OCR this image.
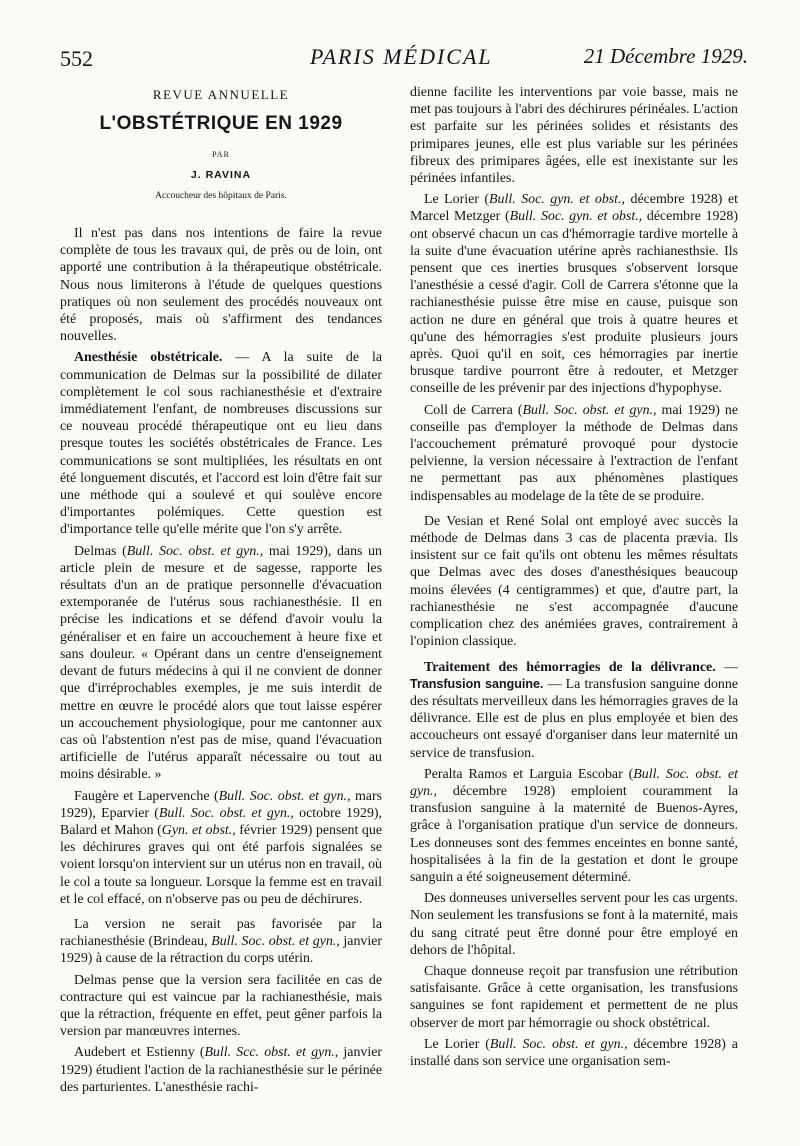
552	PARIS MÉDICAL	21 Décembre 1929.
REVUE ANNUELLE
L'OBSTÉTRIQUE EN 1929
PAR
J. RAVINA
Accoucheur des hôpitaux de Paris.

Il n'est pas dans nos intentions de faire la revue complète de tous les travaux qui, de près ou de loin, ont apporté une contribution à la thérapeutique obstétricale. Nous nous limiterons à l'étude de quelques questions pratiques où non seulement des procédés nouveaux ont été proposés, mais où s'affirment des tendances nouvelles.

Anesthésie obstétricale. — A la suite de la communication de Delmas sur la possibilité de dilater complètement le col sous rachianesthésie et d'extraire immédiatement l'enfant, de nombreuses discussions sur ce nouveau procédé thérapeutique ont eu lieu dans presque toutes les sociétés obstétricales de France. Les communications se sont multipliées, les résultats en ont été longuement discutés, et l'accord est loin d'être fait sur une méthode qui a soulevé et qui soulève encore d'importantes polémiques. Cette question est d'importance telle qu'elle mérite que l'on s'y arrête.

Delmas (Bull. Soc. obst. et gyn., mai 1929), dans un article plein de mesure et de sagesse, rapporte les résultats d'un an de pratique personnelle d'évacuation extemporanée de l'utérus sous rachianesthésie. Il en précise les indications et se défend d'avoir voulu la généraliser et en faire un accouchement à heure fixe et sans douleur. « Opérant dans un centre d'enseignement devant de futurs médecins à qui il ne convient de donner que d'irréprochables exemples, je me suis interdit de mettre en œuvre le procédé alors que tout laisse espérer un accouchement physiologique, pour me cantonner aux cas où l'abstention n'est pas de mise, quand l'évacuation artificielle de l'utérus apparaît nécessaire ou tout au moins désirable. »

Faugère et Lapervenche (Bull. Soc. obst. et gyn., mars 1929), Eparvier (Bull. Soc. obst. et gyn., octobre 1929), Balard et Mahon (Gyn. et obst., février 1929) pensent que les déchirures graves qui ont été parfois signalées se voient lorsqu'on intervient sur un utérus non en travail, où le col a toute sa longueur. Lorsque la femme est en travail et le col effacé, on n'observe pas ou peu de déchirures.

La version ne serait pas favorisée par la rachianesthésie (Brindeau, Bull. Soc. obst. et gyn., janvier 1929) à cause de la rétraction du corps utérin.

Delmas pense que la version sera facilitée en cas de contracture qui est vaincue par la rachianesthésie, mais que la rétraction, fréquente en effet, peut gêner parfois la version par manœuvres internes.

Audebert et Estienny (Bull. Scc. obst. et gyn., janvier 1929) étudient l'action de la rachianesthésie sur le périnée des parturientes. L'anesthésie rachi-

dienne facilite les interventions par voie basse, mais ne met pas toujours à l'abri des déchirures périnéales. L'action est parfaite sur les périnées solides et résistants des primipares jeunes, elle est plus variable sur les périnées fibreux des primipares âgées, elle est inexistante sur les périnées infantiles.

Le Lorier (Bull. Soc. gyn. et obst., décembre 1928) et Marcel Metzger (Bull. Soc. gyn. et obst., décembre 1928) ont observé chacun un cas d'hémorragie tardive mortelle à la suite d'une évacuation utérine après rachianesthsie. Ils pensent que ces inerties brusques s'observent lorsque l'anesthésie a cessé d'agir. Coll de Carrera s'étonne que la rachianesthésie puisse être mise en cause, puisque son action ne dure en général que trois à quatre heures et qu'une des hémorragies s'est produite plusieurs jours après. Quoi qu'il en soit, ces hémorragies par inertie brusque tardive pourront être à redouter, et Metzger conseille de les prévenir par des injections d'hypophyse.

Coll de Carrera (Bull. Soc. obst. et gyn., mai 1929) ne conseille pas d'employer la méthode de Delmas dans l'accouchement prématuré provoqué pour dystocie pelvienne, la version nécessaire à l'extraction de l'enfant ne permettant pas aux phénomènes plastiques indispensables au modelage de la tête de se produire.

De Vesian et René Solal ont employé avec succès la méthode de Delmas dans 3 cas de placenta prævia. Ils insistent sur ce fait qu'ils ont obtenu les mêmes résultats que Delmas avec des doses d'anesthésiques beaucoup moins élevées (4 centigrammes) et que, d'autre part, la rachianesthésie ne s'est accompagnée d'aucune complication chez des anémiées graves, contrairement à l'opinion classique.

Traitement des hémorragies de la délivrance. — Transfusion sanguine. — La transfusion sanguine donne des résultats merveilleux dans les hémorragies graves de la délivrance. Elle est de plus en plus employée et bien des accoucheurs ont essayé d'organiser dans leur maternité un service de transfusion.

Peralta Ramos et Larguia Escobar (Bull. Soc. obst. et gyn., décembre 1928) emploient couramment la transfusion sanguine à la maternité de Buenos-Ayres, grâce à l'organisation pratique d'un service de donneurs. Les donneuses sont des femmes enceintes en bonne santé, hospitalisées à la fin de la gestation et dont le groupe sanguin a été soigneusement déterminé.

Des donneuses universelles servent pour les cas urgents. Non seulement les transfusions se font à la maternité, mais du sang citraté peut être donné pour être employé en dehors de l'hôpital.

Chaque donneuse reçoit par transfusion une rétribution satisfaisante. Grâce à cette organisation, les transfusions sanguines se font rapidement et permettent de ne plus observer de mort par hémorragie ou shock obstétrical.

Le Lorier (Bull. Soc. obst. et gyn., décembre 1928) a installé dans son service une organisation sem-
